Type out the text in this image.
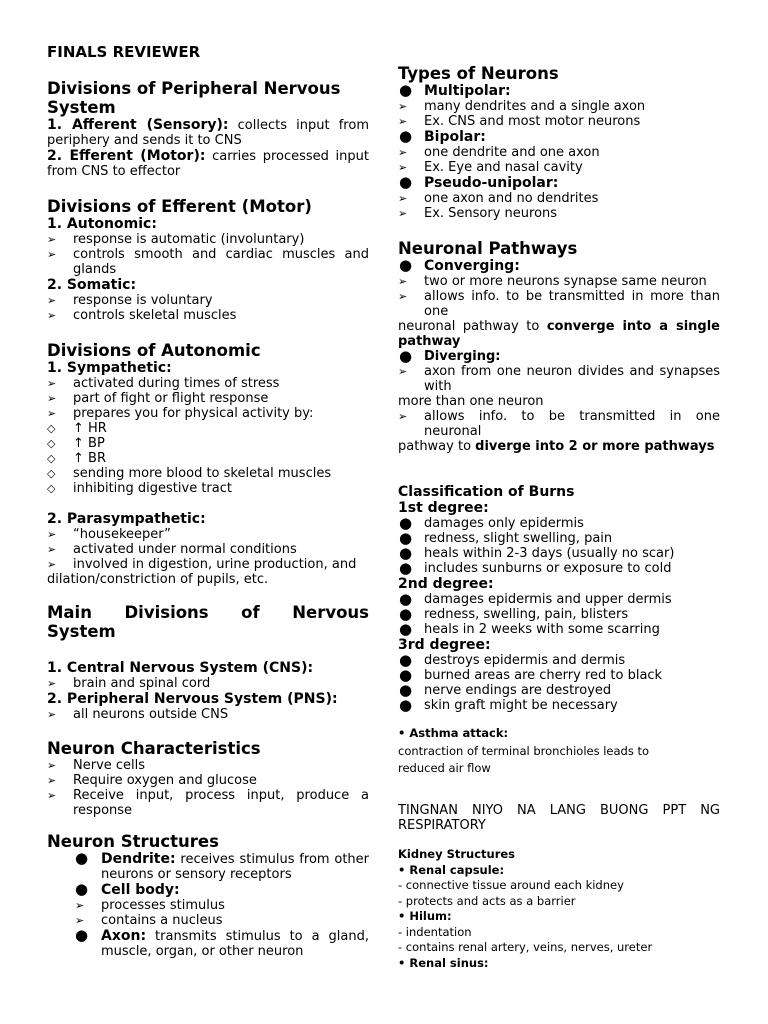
FINALS REVIEWER
Divisions of Peripheral Nervous System
1. Afferent (Sensory): collects input from periphery and sends it to CNS
2. Efferent (Motor): carries processed input from CNS to effector
Divisions of Efferent (Motor)
1. Autonomic:
➢	response is automatic (involuntary)
➢	controls smooth and cardiac muscles and glands
2. Somatic:
➢	response is voluntary
➢	controls skeletal muscles
Divisions of Autonomic
1. Sympathetic:
➢	activated during times of stress
➢	part of fight or flight response
➢	prepares you for physical activity by:
◇	↑ HR
◇	↑ BP
◇	↑ BR
◇	sending more blood to skeletal muscles
◇	inhibiting digestive tract
2. Parasympathetic:
➢	“housekeeper”
➢	activated under normal conditions
➢	involved in digestion, urine production, and
dilation/constriction of pupils, etc.
Main Divisions of Nervous
System
1. Central Nervous System (CNS):
➢	brain and spinal cord
2. Peripheral Nervous System (PNS):
➢	all neurons outside CNS
Neuron Characteristics
➢	Nerve cells
➢	Require oxygen and glucose
➢	Receive input, process input, produce a response
Neuron Structures
● Dendrite: receives stimulus from other neurons or sensory receptors
● Cell body:
➢	processes stimulus
➢	contains a nucleus
● Axon: transmits stimulus to a gland, muscle, organ, or other neuron
Types of Neurons
● Multipolar:
➢	many dendrites and a single axon
➢	Ex. CNS and most motor neurons
● Bipolar:
➢	one dendrite and one axon
➢	Ex. Eye and nasal cavity
● Pseudo-unipolar:
➢	one axon and no dendrites
➢	Ex. Sensory neurons
Neuronal Pathways
● Converging:
➢	two or more neurons synapse same neuron
➢	allows info. to be transmitted in more than one
neuronal pathway to converge into a single pathway
● Diverging:
➢	axon from one neuron divides and synapses with
more than one neuron
➢	allows info. to be transmitted in one neuronal
pathway to diverge into 2 or more pathways
Classification of Burns
1st degree:
● damages only epidermis
● redness, slight swelling, pain
● heals within 2-3 days (usually no scar)
● includes sunburns or exposure to cold
2nd degree:
● damages epidermis and upper dermis
● redness, swelling, pain, blisters
● heals in 2 weeks with some scarring
3rd degree:
● destroys epidermis and dermis
● burned areas are cherry red to black
● nerve endings are destroyed
● skin graft might be necessary
• Asthma attack:
contraction of terminal bronchioles leads to
reduced air flow
TINGNAN NIYO NA LANG BUONG PPT NG
RESPIRATORY
Kidney Structures
• Renal capsule:
- connective tissue around each kidney
- protects and acts as a barrier
• Hilum:
- indentation
- contains renal artery, veins, nerves, ureter
• Renal sinus:
